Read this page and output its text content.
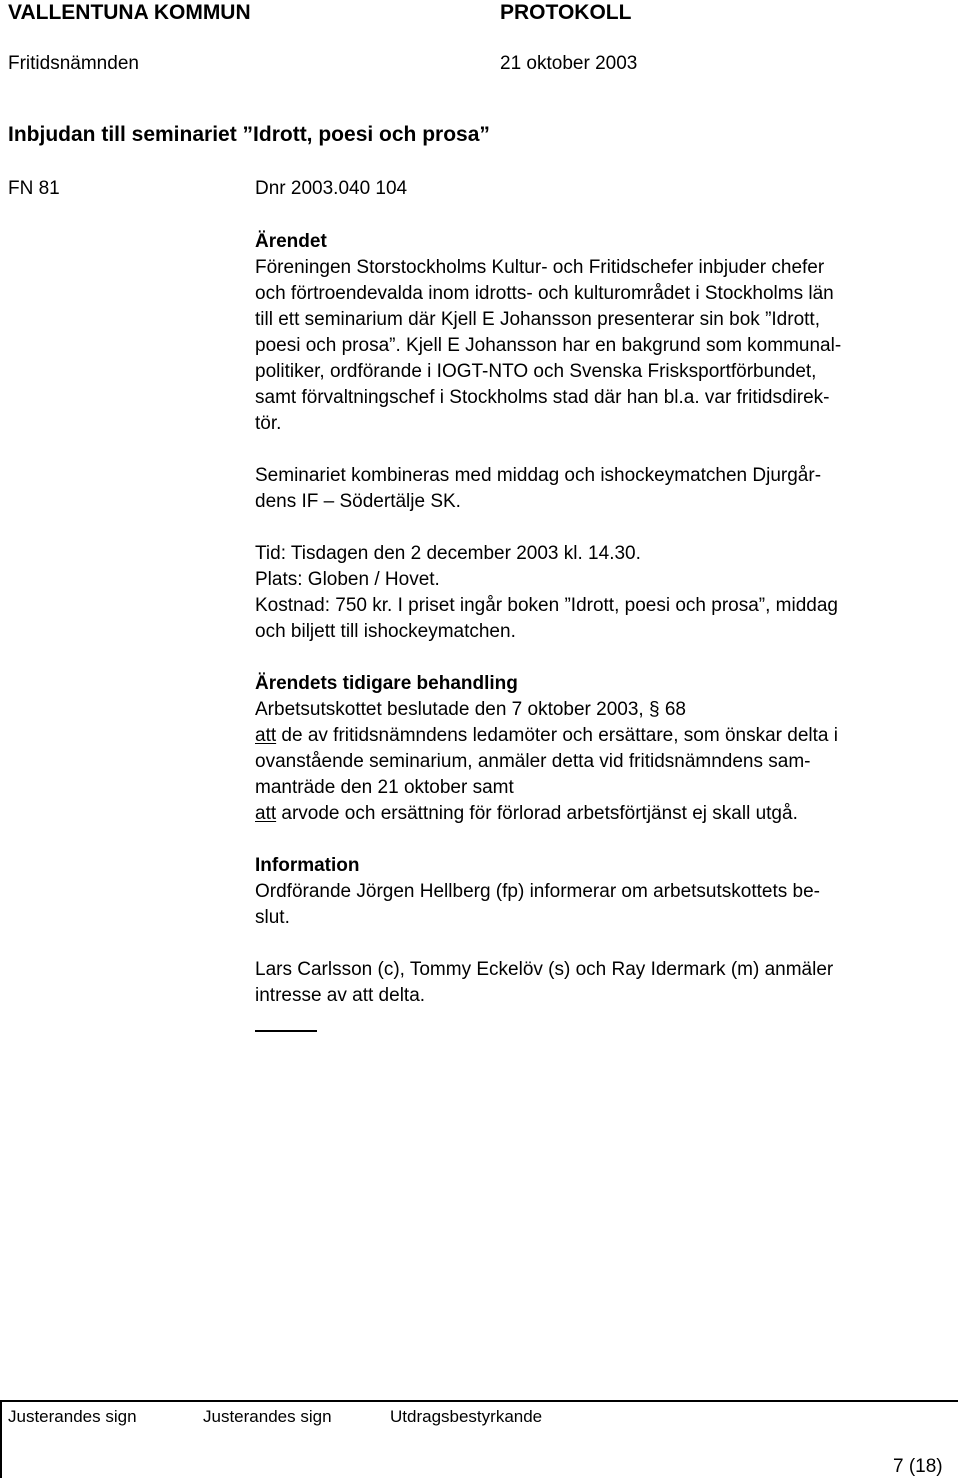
VALLENTUNA KOMMUN	PROTOKOLL
Fritidsnämnden	21 oktober 2003
Inbjudan till seminariet ”Idrott, poesi och prosa”
FN 81	Dnr 2003.040 104
Ärendet
Föreningen Storstockholms Kultur- och Fritidschefer inbjuder chefer
och förtroendevalda inom idrotts- och kulturområdet i Stockholms län
till ett seminarium där Kjell E Johansson presenterar sin bok ”Idrott,
poesi och prosa”. Kjell E Johansson har en bakgrund som kommunal-
politiker, ordförande i IOGT-NTO och Svenska Frisksportförbundet,
samt förvaltningschef i Stockholms stad där han bl.a. var fritidsdirek-
tör.
Seminariet kombineras med middag och ishockeymatchen Djurgår-
dens IF – Södertälje SK.
Tid: Tisdagen den 2 december 2003 kl. 14.30.
Plats: Globen / Hovet.
Kostnad: 750 kr. I priset ingår boken ”Idrott, poesi och prosa”, middag
och biljett till ishockeymatchen.
Ärendets tidigare behandling
Arbetsutskottet beslutade den 7 oktober 2003, § 68
att de av fritidsnämndens ledamöter och ersättare, som önskar delta i
ovanstående seminarium, anmäler detta vid fritidsnämndens sam-
manträde den 21 oktober samt
att arvode och ersättning för förlorad arbetsförtjänst ej skall utgå.
Information
Ordförande Jörgen Hellberg (fp) informerar om arbetsutskottets be-
slut.
Lars Carlsson (c), Tommy Eckelöv (s) och Ray Idermark (m) anmäler
intresse av att delta.
Justerandes sign	Justerandes sign	Utdragsbestyrkande
7 (18)
